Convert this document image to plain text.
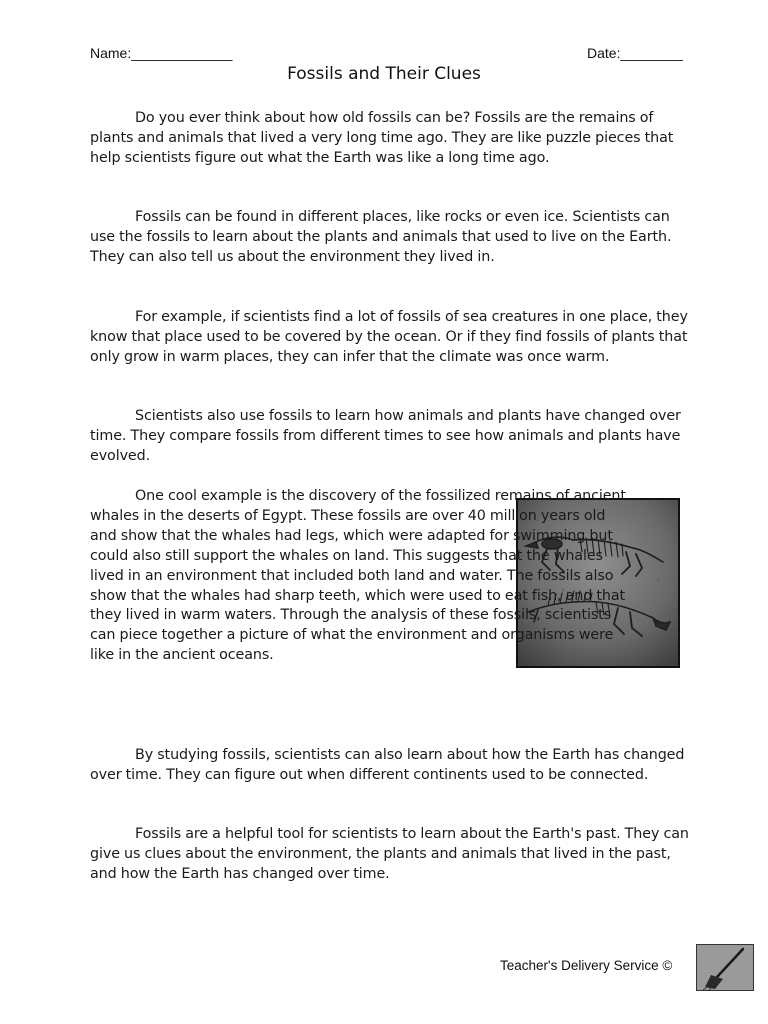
Name:_____________	Date:________
Fossils and Their Clues

Do you ever think about how old fossils can be? Fossils are the remains of plants and animals that lived a very long time ago. They are like puzzle pieces that help scientists figure out what the Earth was like a long time ago.

Fossils can be found in different places, like rocks or even ice. Scientists can use the fossils to learn about the plants and animals that used to live on the Earth. They can also tell us about the environment they lived in.

For example, if scientists find a lot of fossils of sea creatures in one place, they know that place used to be covered by the ocean. Or if they find fossils of plants that only grow in warm places, they can infer that the climate was once warm.

Scientists also use fossils to learn how animals and plants have changed over time. They compare fossils from different times to see how animals and plants have evolved.

One cool example is the discovery of the fossilized remains of ancient whales in the deserts of Egypt. These fossils are over 40 million years old and show that the whales had legs, which were adapted for swimming but could also still support the whales on land. This suggests that the whales lived in an environment that included both land and water. The fossils also show that the whales had sharp teeth, which were used to eat fish, and that they lived in warm waters. Through the analysis of these fossils, scientists can piece together a picture of what the environment and organisms were like in the ancient oceans.

By studying fossils, scientists can also learn about how the Earth has changed over time. They can figure out when different continents used to be connected.

Fossils are a helpful tool for scientists to learn about the Earth's past. They can give us clues about the environment, the plants and animals that lived in the past, and how the Earth has changed over time.

Teacher's Delivery Service ©
